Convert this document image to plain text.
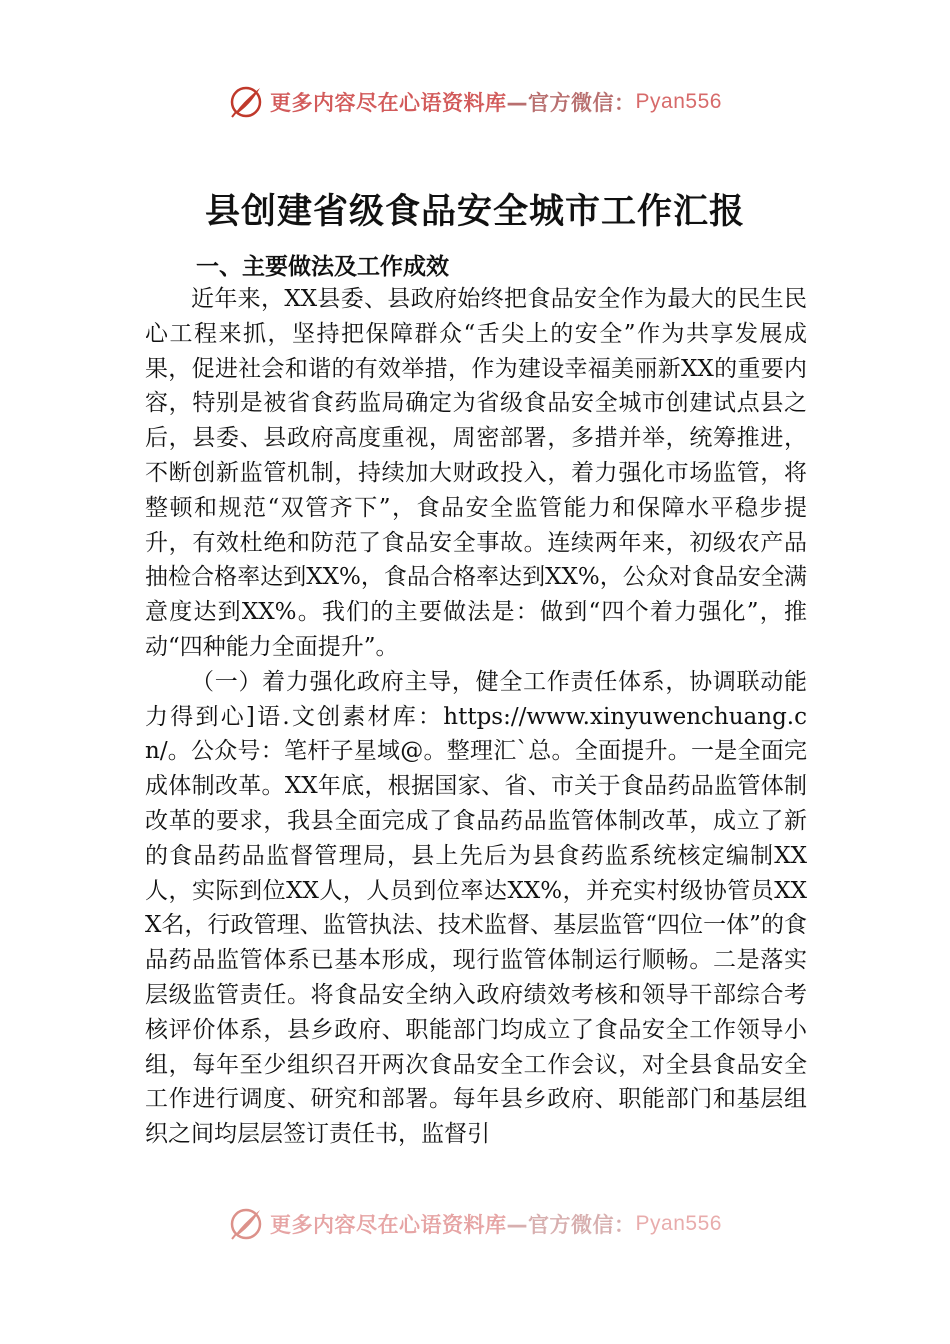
更多内容尽在心语资料库 —官方微信： Pyan556
县创建省级食品安全城市工作汇报
一、主要做法及工作成效

近年来，XX县委、县政府始终把食品安全作为最大的民生民心工程来抓，坚持把保障群众“舌尖上的安全”作为共享发展成果，促进社会和谐的有效举措，作为建设幸福美丽新XX的重要内容，特别是被省食药监局确定为省级食品安全城市创建试点县之后，县委、县政府高度重视，周密部署，多措并举，统筹推进，不断创新监管机制，持续加大财政投入，着力强化市场监管，将整顿和规范“双管齐下”，食品安全监管能力和保障水平稳步提升，有效杜绝和防范了食品安全事故。连续两年来，初级农产品抽检合格率达到XX%，食品合格率达到XX%，公众对食品安全满意度达到XX%。我们的主要做法是：做到“四个着力强化”，推动“四种能力全面提升”。

（一）着力强化政府主导，健全工作责任体系，协调联动能力得到心]语.文创素材库：https://www.xinyuwenchuang.cn/。公众号：笔杆子星域@。整理汇`总。全面提升。一是全面完成体制改革。XX年底，根据国家、省、市关于食品药品监管体制改革的要求，我县全面完成了食品药品监管体制改革，成立了新的食品药品监督管理局，县上先后为县食药监系统核定编制XX人，实际到位XX人，人员到位率达XX%，并充实村级协管员XXX名，行政管理、监管执法、技术监督、基层监管“四位一体”的食品药品监管体系已基本形成，现行监管体制运行顺畅。二是落实层级监管责任。将食品安全纳入政府绩效考核和领导干部综合考核评价体系，县乡政府、职能部门均成立了食品安全工作领导小组，每年至少组织召开两次食品安全工作会议，对全县食品安全工作进行调度、研究和部署。每年县乡政府、职能部门和基层组织之间均层层签订责任书，监督引

更多内容尽在心语资料库 —官方微信： Pyan556
